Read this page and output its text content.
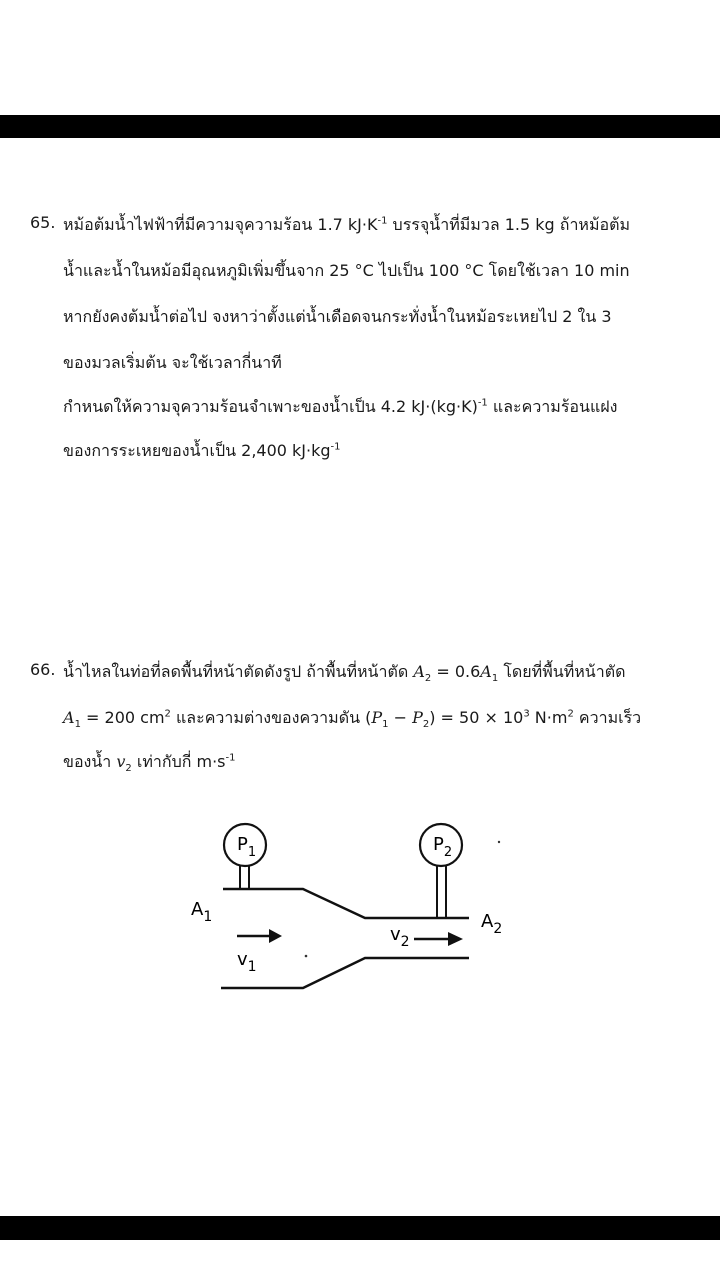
65. หม้อต้มน้ำไฟฟ้าที่มีความจุความร้อน 1.7 $kJ\cdot K^{-1}$ บรรจุน้ำที่มีมวล 1.5 kg ถ้าหม้อต้ม
น้ำและน้ำในหม้อมีอุณหภูมิเพิ่มขึ้นจาก 25 °C ไปเป็น 100 °C โดยใช้เวลา 10 min
หากยังคงต้มน้ำต่อไป จงหาว่าตั้งแต่น้ำเดือดจนกระทั่งน้ำในหม้อระเหยไป 2 ใน 3
ของมวลเริ่มต้น จะใช้เวลากี่นาที
กำหนดให้ความจุความร้อนจำเพาะของน้ำเป็น 4.2 $kJ\cdot(kg\cdot K)^{-1}$ และความร้อนแฝง
ของการระเหยของน้ำเป็น 2,400 $kJ\cdot kg^{-1}$
66. น้ำไหลในท่อที่ลดพื้นที่หน้าตัดดังรูป ถ้าพื้นที่หน้าตัด $A_2 = 0.6A_1$ โดยที่พื้นที่หน้าตัด
$A_1 = 200$ $cm^2$ และความต่างของความดัน $(P_1 - P_2) = 50 \times 10^3$ $N\cdot m^2$ ความเร็ว
ของน้ำ $v_2$ เท่ากับกี่ $m\cdot s^{-1}$
$P_1$	$P_2$
$A_1$	$A_2$
$v_1$
$v_2$
